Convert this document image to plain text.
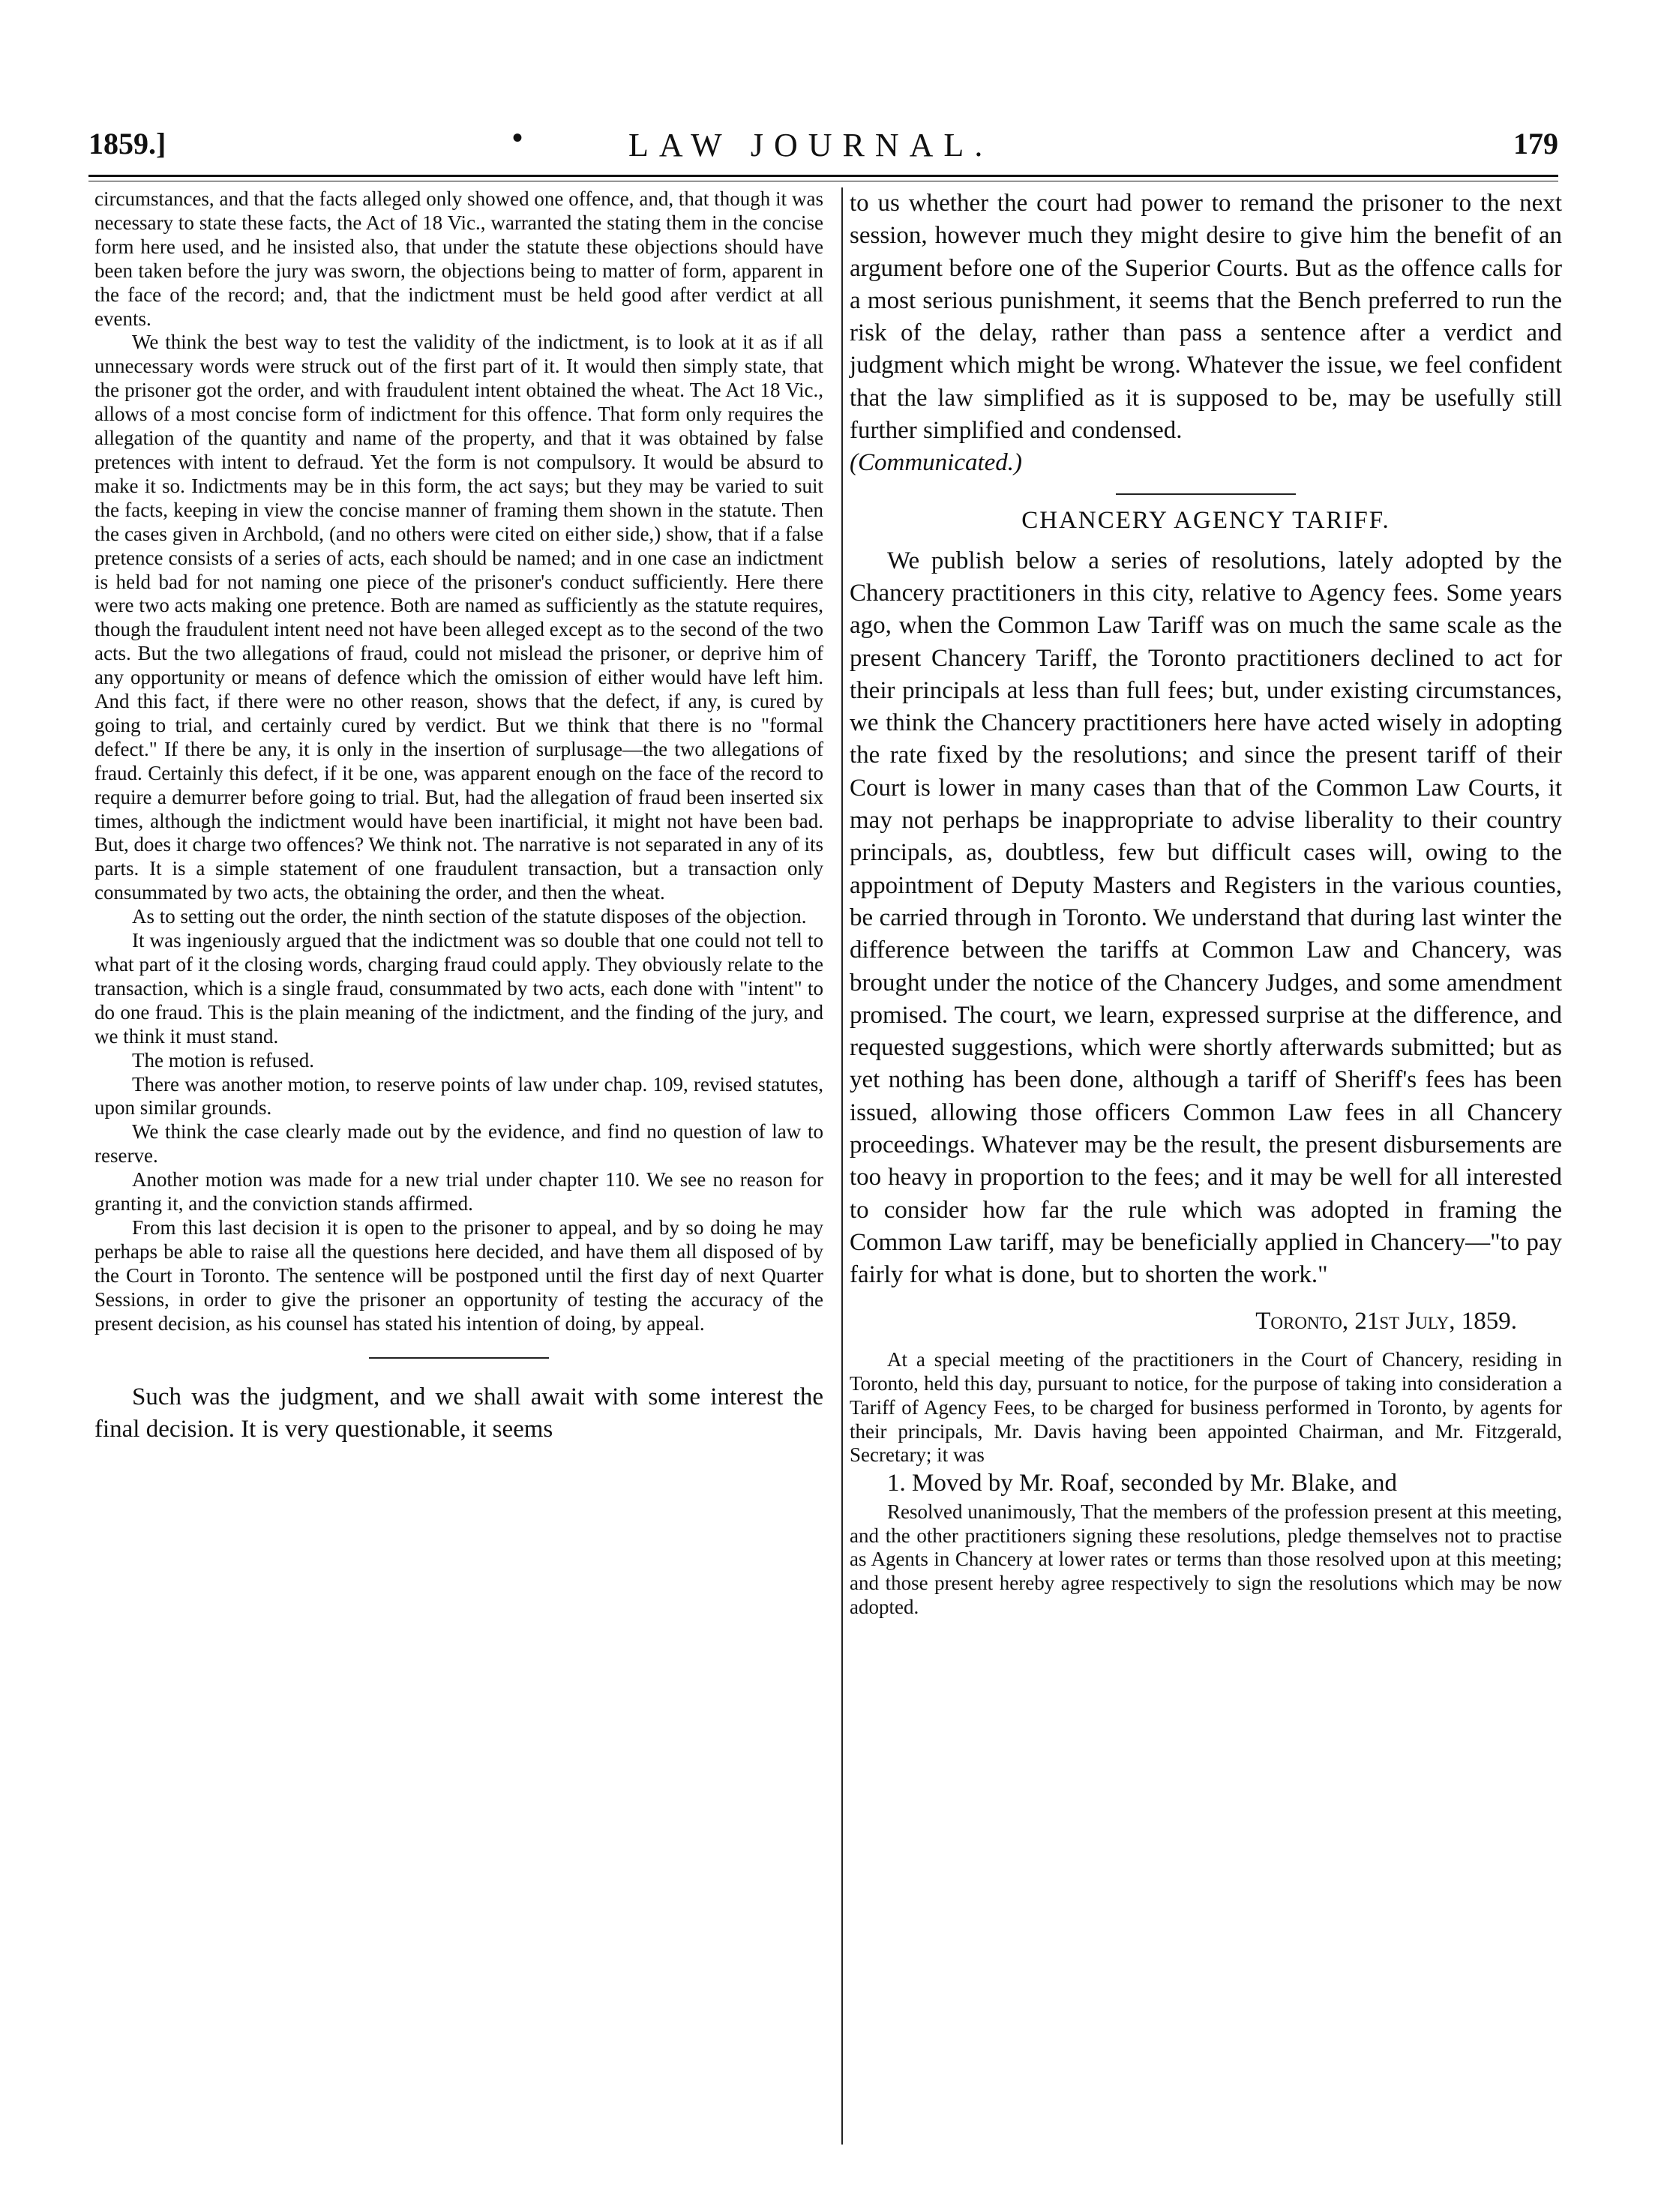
1859.]	•	LAW JOURNAL.	179

circumstances, and that the facts alleged only showed one offence, and, that though it was necessary to state these facts, the Act of 18 Vic., warranted the stating them in the concise form here used, and he insisted also, that under the statute these objections should have been taken before the jury was sworn, the objections being to matter of form, apparent in the face of the record; and, that the indictment must be held good after verdict at all events.

We think the best way to test the validity of the indictment, is to look at it as if all unnecessary words were struck out of the first part of it. It would then simply state, that the prisoner got the order, and with fraudulent intent obtained the wheat. The Act 18 Vic., allows of a most concise form of indictment for this offence. That form only requires the allegation of the quantity and name of the property, and that it was obtained by false pretences with intent to defraud. Yet the form is not compulsory. It would be absurd to make it so. Indictments may be in this form, the act says; but they may be varied to suit the facts, keeping in view the concise manner of framing them shown in the statute. Then the cases given in Archbold, (and no others were cited on either side,) show, that if a false pretence consists of a series of acts, each should be named; and in one case an indictment is held bad for not naming one piece of the prisoner's conduct sufficiently. Here there were two acts making one pretence. Both are named as sufficiently as the statute requires, though the fraudulent intent need not have been alleged except as to the second of the two acts. But the two allegations of fraud, could not mislead the prisoner, or deprive him of any opportunity or means of defence which the omission of either would have left him. And this fact, if there were no other reason, shows that the defect, if any, is cured by going to trial, and certainly cured by verdict. But we think that there is no "formal defect." If there be any, it is only in the insertion of surplusage—the two allegations of fraud. Certainly this defect, if it be one, was apparent enough on the face of the record to require a demurrer before going to trial. But, had the allegation of fraud been inserted six times, although the indictment would have been inartificial, it might not have been bad. But, does it charge two offences? We think not. The narrative is not separated in any of its parts. It is a simple statement of one fraudulent transaction, but a transaction only consummated by two acts, the obtaining the order, and then the wheat.

As to setting out the order, the ninth section of the statute disposes of the objection.

It was ingeniously argued that the indictment was so double that one could not tell to what part of it the closing words, charging fraud could apply. They obviously relate to the transaction, which is a single fraud, consummated by two acts, each done with "intent" to do one fraud. This is the plain meaning of the indictment, and the finding of the jury, and we think it must stand.

The motion is refused.

There was another motion, to reserve points of law under chap. 109, revised statutes, upon similar grounds.

We think the case clearly made out by the evidence, and find no question of law to reserve.

Another motion was made for a new trial under chapter 110. We see no reason for granting it, and the conviction stands affirmed.

From this last decision it is open to the prisoner to appeal, and by so doing he may perhaps be able to raise all the questions here decided, and have them all disposed of by the Court in Toronto. The sentence will be postponed until the first day of next Quarter Sessions, in order to give the prisoner an opportunity of testing the accuracy of the present decision, as his counsel has stated his intention of doing, by appeal.

Such was the judgment, and we shall await with some interest the final decision. It is very questionable, it seems

to us whether the court had power to remand the prisoner to the next session, however much they might desire to give him the benefit of an argument before one of the Superior Courts. But as the offence calls for a most serious punishment, it seems that the Bench preferred to run the risk of the delay, rather than pass a sentence after a verdict and judgment which might be wrong. Whatever the issue, we feel confident that the law simplified as it is supposed to be, may be usefully still further simplified and condensed.

(Communicated.)

CHANCERY AGENCY TARIFF.

We publish below a series of resolutions, lately adopted by the Chancery practitioners in this city, relative to Agency fees. Some years ago, when the Common Law Tariff was on much the same scale as the present Chancery Tariff, the Toronto practitioners declined to act for their principals at less than full fees; but, under existing circumstances, we think the Chancery practitioners here have acted wisely in adopting the rate fixed by the resolutions; and since the present tariff of their Court is lower in many cases than that of the Common Law Courts, it may not perhaps be inappropriate to advise liberality to their country principals, as, doubtless, few but difficult cases will, owing to the appointment of Deputy Masters and Registers in the various counties, be carried through in Toronto. We understand that during last winter the difference between the tariffs at Common Law and Chancery, was brought under the notice of the Chancery Judges, and some amendment promised. The court, we learn, expressed surprise at the difference, and requested suggestions, which were shortly afterwards submitted; but as yet nothing has been done, although a tariff of Sheriff's fees has been issued, allowing those officers Common Law fees in all Chancery proceedings. Whatever may be the result, the present disbursements are too heavy in proportion to the fees; and it may be well for all interested to consider how far the rule which was adopted in framing the Common Law tariff, may be beneficially applied in Chancery—"to pay fairly for what is done, but to shorten the work."

Toronto, 21st July, 1859.

At a special meeting of the practitioners in the Court of Chancery, residing in Toronto, held this day, pursuant to notice, for the purpose of taking into consideration a Tariff of Agency Fees, to be charged for business performed in Toronto, by agents for their principals, Mr. Davis having been appointed Chairman, and Mr. Fitzgerald, Secretary; it was

1. Moved by Mr. Roaf, seconded by Mr. Blake, and

Resolved unanimously, That the members of the profession present at this meeting, and the other practitioners signing these resolutions, pledge themselves not to practise as Agents in Chancery at lower rates or terms than those resolved upon at this meeting; and those present hereby agree respectively to sign the resolutions which may be now adopted.
